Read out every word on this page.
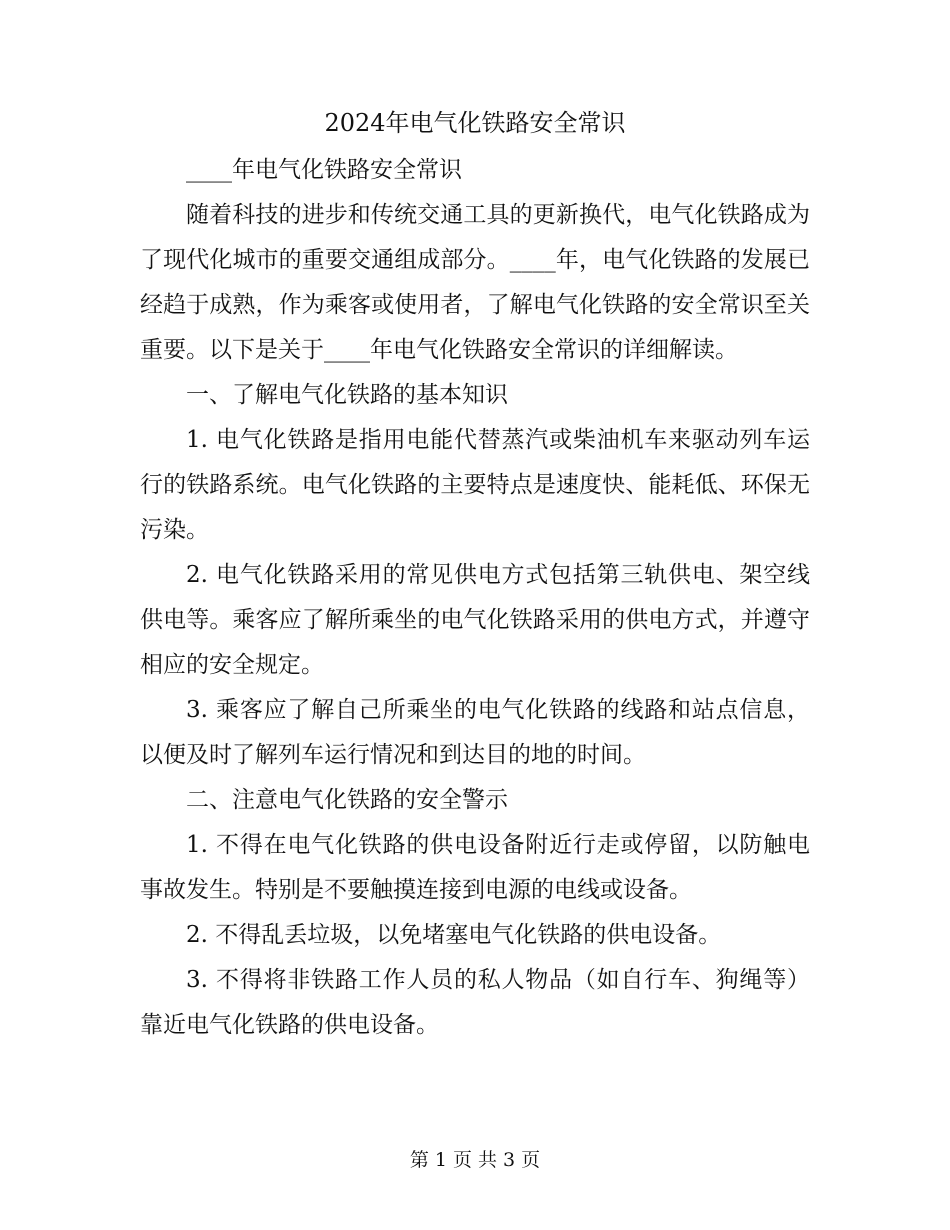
2024年电气化铁路安全常识

____年电气化铁路安全常识

随着科技的进步和传统交通工具的更新换代，电气化铁路成为了现代化城市的重要交通组成部分。____年，电气化铁路的发展已经趋于成熟，作为乘客或使用者，了解电气化铁路的安全常识至关重要。以下是关于____年电气化铁路安全常识的详细解读。

一、了解电气化铁路的基本知识

1. 电气化铁路是指用电能代替蒸汽或柴油机车来驱动列车运行的铁路系统。电气化铁路的主要特点是速度快、能耗低、环保无污染。

2. 电气化铁路采用的常见供电方式包括第三轨供电、架空线供电等。乘客应了解所乘坐的电气化铁路采用的供电方式，并遵守相应的安全规定。

3. 乘客应了解自己所乘坐的电气化铁路的线路和站点信息，以便及时了解列车运行情况和到达目的地的时间。

二、注意电气化铁路的安全警示

1. 不得在电气化铁路的供电设备附近行走或停留，以防触电事故发生。特别是不要触摸连接到电源的电线或设备。

2. 不得乱丢垃圾，以免堵塞电气化铁路的供电设备。

3. 不得将非铁路工作人员的私人物品（如自行车、狗绳等）靠近电气化铁路的供电设备。

第 1 页 共 3 页
